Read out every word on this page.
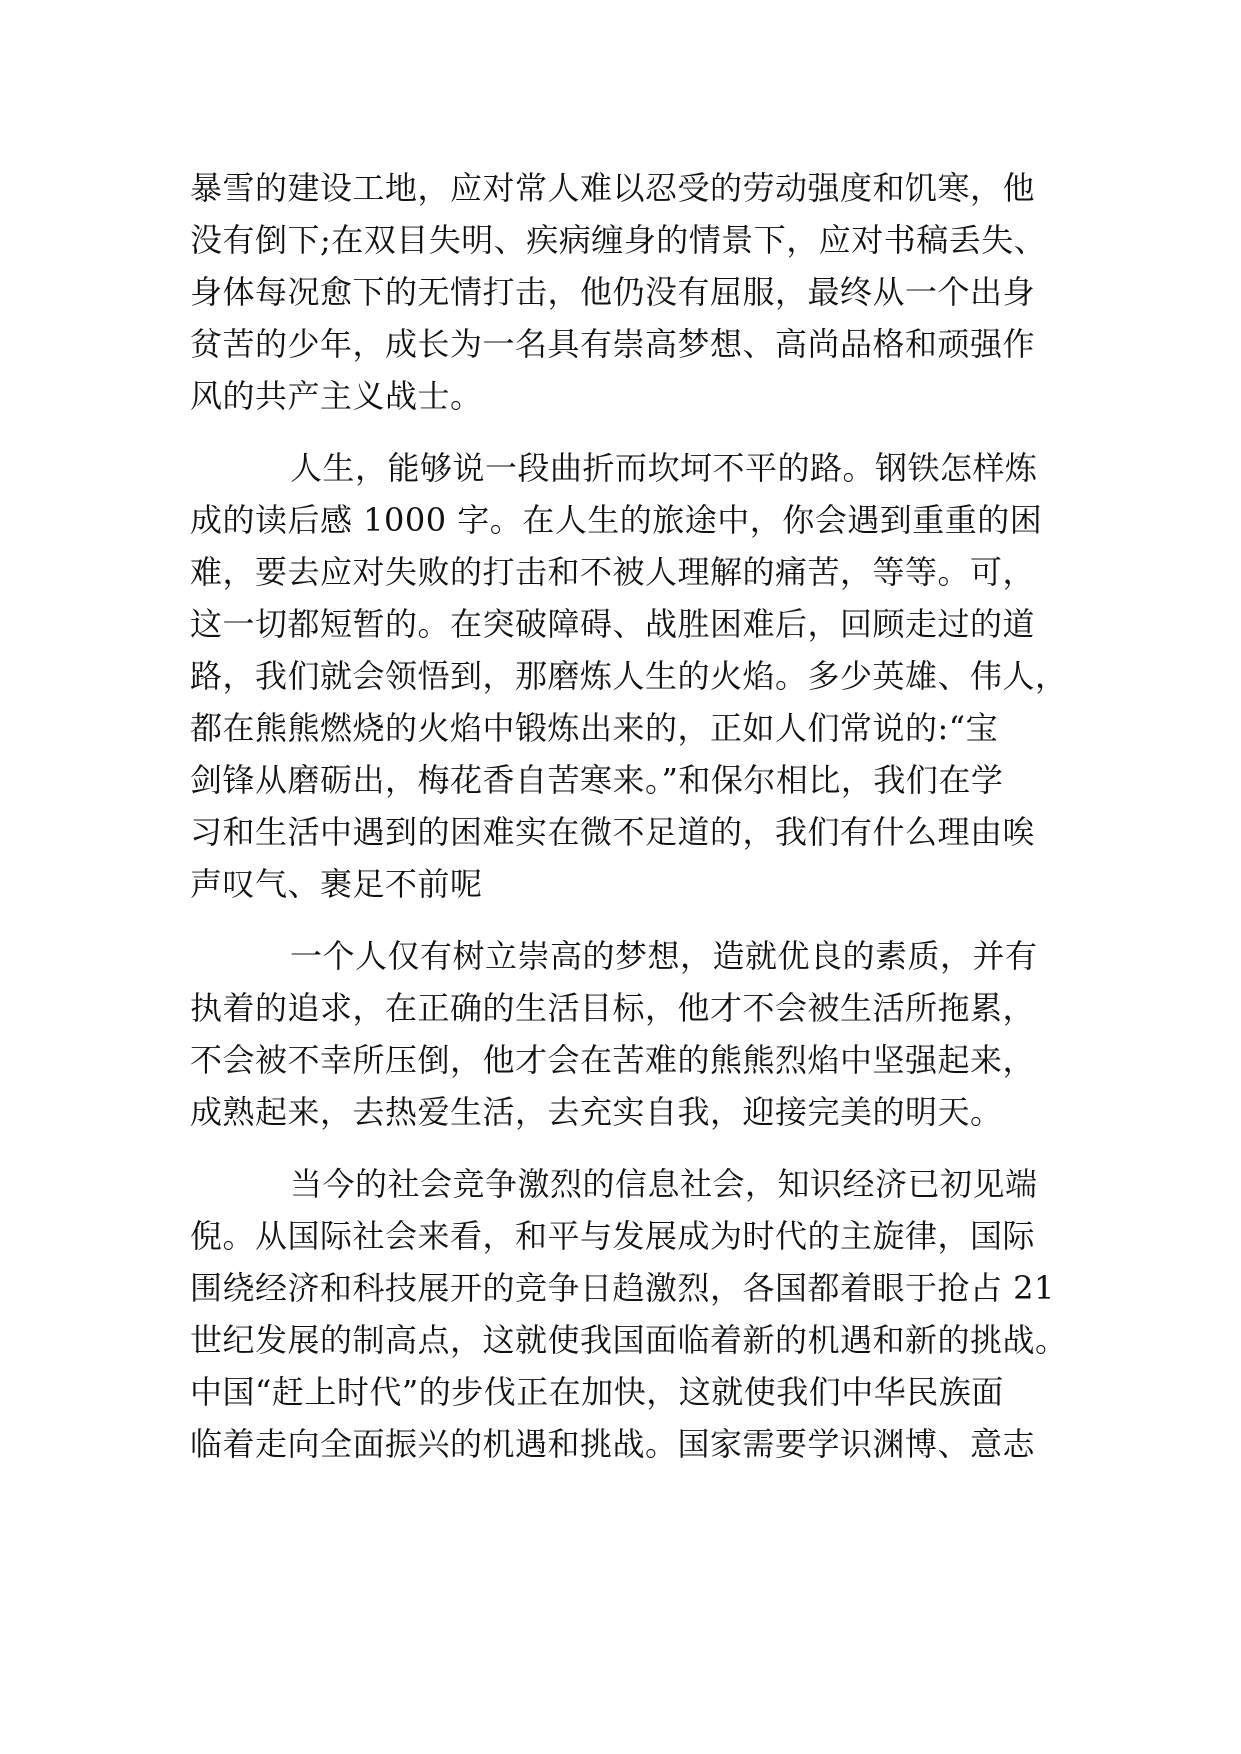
暴雪的建设工地，应对常人难以忍受的劳动强度和饥寒，他
没有倒下;在双目失明、疾病缠身的情景下，应对书稿丢失、
身体每况愈下的无情打击，他仍没有屈服，最终从一个出身
贫苦的少年，成长为一名具有崇高梦想、高尚品格和顽强作
风的共产主义战士。
人生，能够说一段曲折而坎坷不平的路。钢铁怎样炼
成的读后感 1000 字。在人生的旅途中，你会遇到重重的困
难，要去应对失败的打击和不被人理解的痛苦，等等。可，
这一切都短暂的。在突破障碍、战胜困难后，回顾走过的道
路，我们就会领悟到，那磨炼人生的火焰。多少英雄、伟人，
都在熊熊燃烧的火焰中锻炼出来的，正如人们常说的:“宝
剑锋从磨砺出，梅花香自苦寒来。”和保尔相比，我们在学
习和生活中遇到的困难实在微不足道的，我们有什么理由唉
声叹气、裹足不前呢
一个人仅有树立崇高的梦想，造就优良的素质，并有
执着的追求，在正确的生活目标，他才不会被生活所拖累，
不会被不幸所压倒，他才会在苦难的熊熊烈焰中坚强起来，
成熟起来，去热爱生活，去充实自我，迎接完美的明天。
当今的社会竞争激烈的信息社会，知识经济已初见端
倪。从国际社会来看，和平与发展成为时代的主旋律，国际
围绕经济和科技展开的竞争日趋激烈，各国都着眼于抢占 21
世纪发展的制高点，这就使我国面临着新的机遇和新的挑战。
中国“赶上时代”的步伐正在加快，这就使我们中华民族面
临着走向全面振兴的机遇和挑战。国家需要学识渊博、意志
